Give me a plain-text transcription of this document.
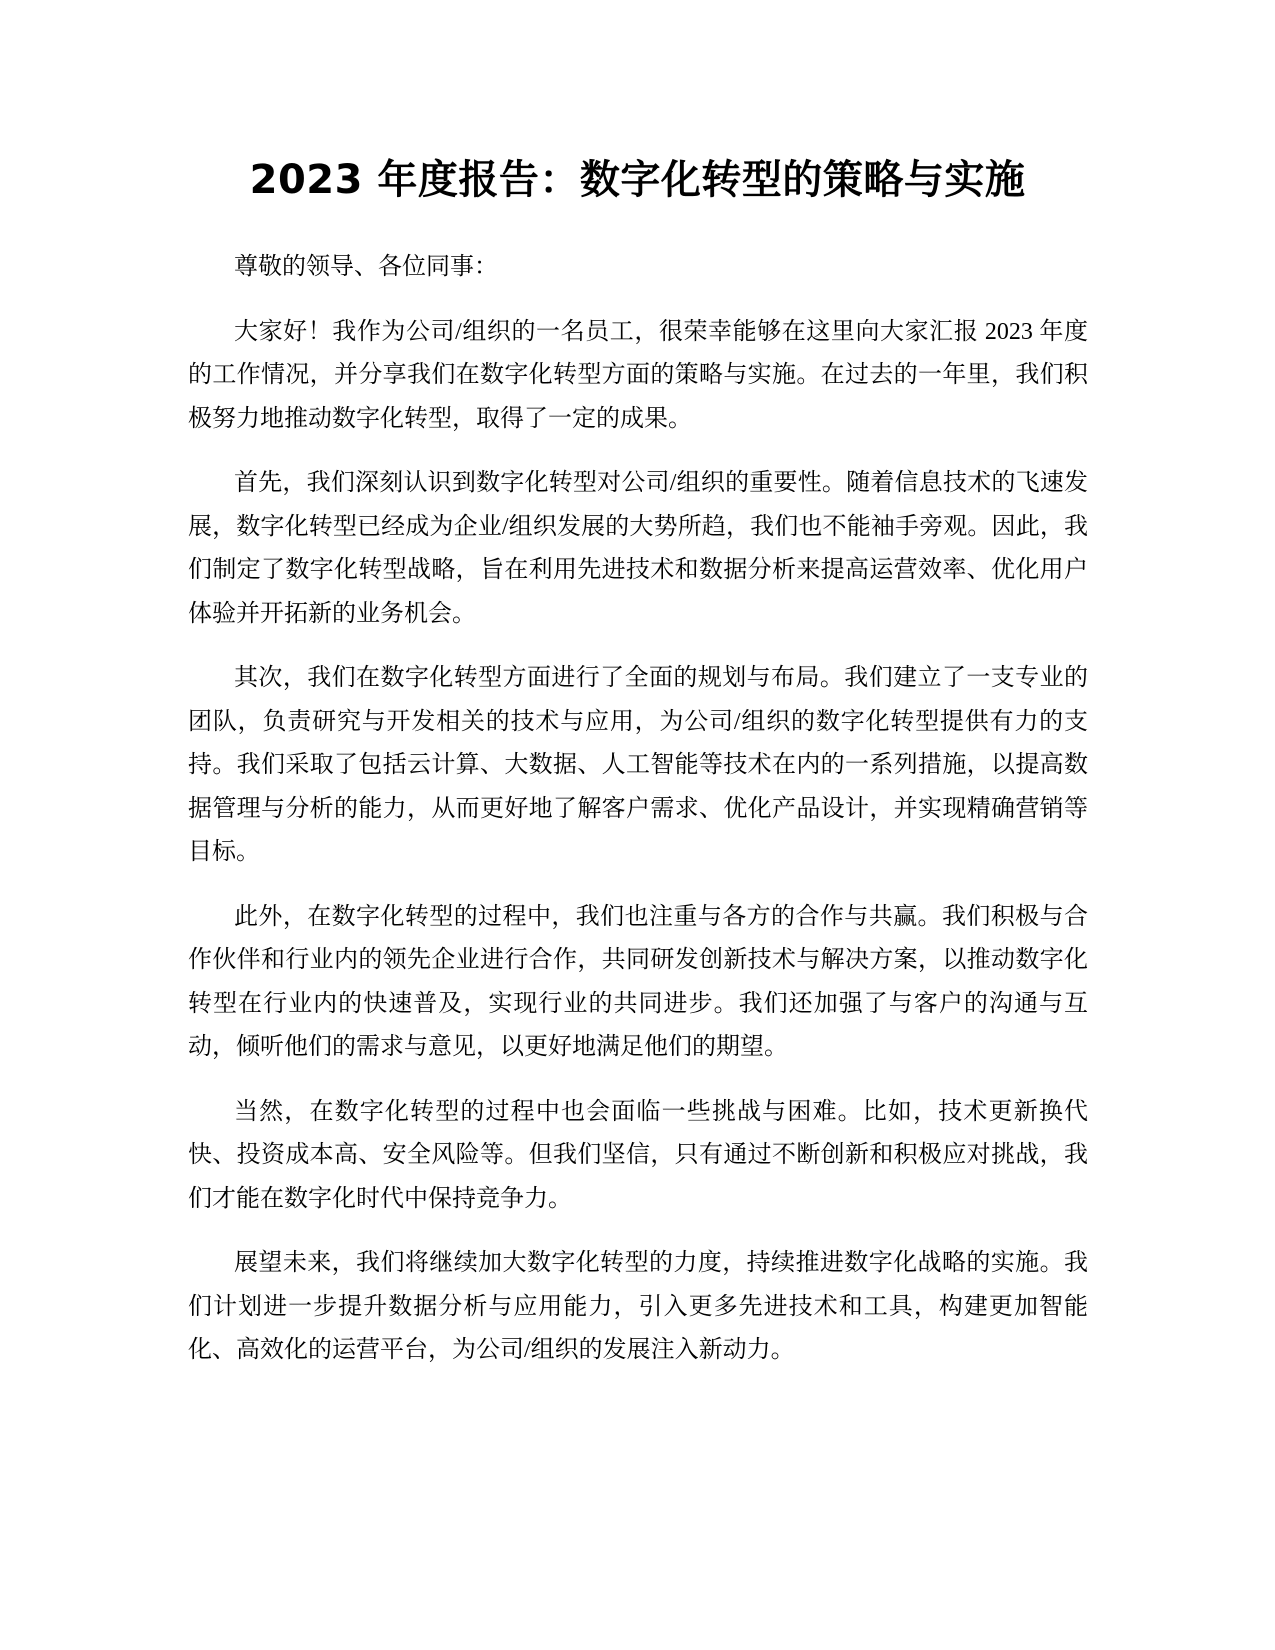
2023 年度报告：数字化转型的策略与实施

尊敬的领导、各位同事：

大家好！我作为公司/组织的一名员工，很荣幸能够在这里向大家汇报 2023 年度的工作情况，并分享我们在数字化转型方面的策略与实施。在过去的一年里，我们积极努力地推动数字化转型，取得了一定的成果。

首先，我们深刻认识到数字化转型对公司/组织的重要性。随着信息技术的飞速发展，数字化转型已经成为企业/组织发展的大势所趋，我们也不能袖手旁观。因此，我们制定了数字化转型战略，旨在利用先进技术和数据分析来提高运营效率、优化用户体验并开拓新的业务机会。

其次，我们在数字化转型方面进行了全面的规划与布局。我们建立了一支专业的团队，负责研究与开发相关的技术与应用，为公司/组织的数字化转型提供有力的支持。我们采取了包括云计算、大数据、人工智能等技术在内的一系列措施，以提高数据管理与分析的能力，从而更好地了解客户需求、优化产品设计，并实现精确营销等目标。

此外，在数字化转型的过程中，我们也注重与各方的合作与共赢。我们积极与合作伙伴和行业内的领先企业进行合作，共同研发创新技术与解决方案，以推动数字化转型在行业内的快速普及，实现行业的共同进步。我们还加强了与客户的沟通与互动，倾听他们的需求与意见，以更好地满足他们的期望。

当然，在数字化转型的过程中也会面临一些挑战与困难。比如，技术更新换代快、投资成本高、安全风险等。但我们坚信，只有通过不断创新和积极应对挑战，我们才能在数字化时代中保持竞争力。

展望未来，我们将继续加大数字化转型的力度，持续推进数字化战略的实施。我们计划进一步提升数据分析与应用能力，引入更多先进技术和工具，构建更加智能化、高效化的运营平台，为公司/组织的发展注入新动力。
